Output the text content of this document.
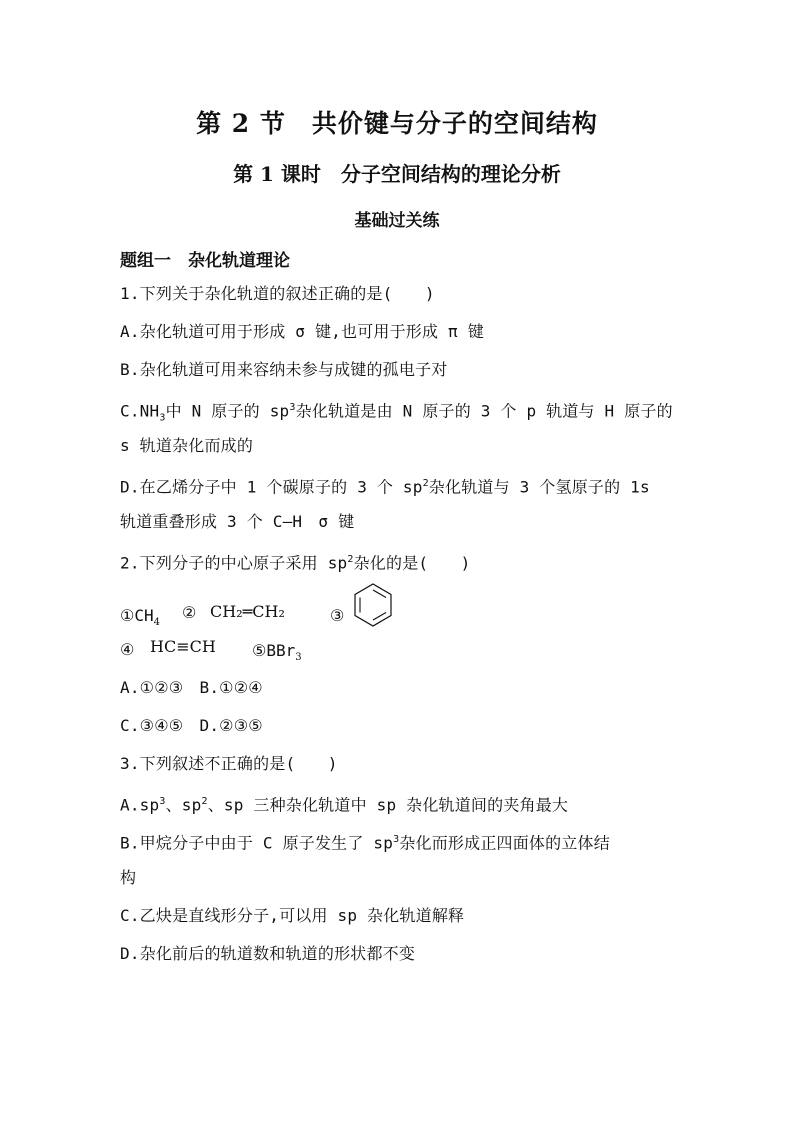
第 2 节　共价键与分子的空间结构
第 1 课时　分子空间结构的理论分析
基础过关练
题组一　杂化轨道理论
1.下列关于杂化轨道的叙述正确的是(　　)
A.杂化轨道可用于形成 σ 键,也可用于形成 π 键
B.杂化轨道可用来容纳未参与成键的孤电子对
$C.NH_3$中 N 原子的 $sp^3$杂化轨道是由 N 原子的 3 个 p 轨道与 H 原子的
s 轨道杂化而成的
D.在乙烯分子中 1 个碳原子的 3 个 $sp^2$杂化轨道与 3 个氢原子的 1s
轨道重叠形成 3 个 C—H　σ 键
2.下列分子的中心原子采用 $sp^2$杂化的是(　　)
$①CH_4$
② CH₂═CH₂	③
④ HC≡CH ⑤BBr$_3$
A.①②③　B.①②④
C.③④⑤　D.②③⑤
3.下列叙述不正确的是(　　)
$A.sp^3$、$sp^2$、sp 三种杂化轨道中 sp 杂化轨道间的夹角最大
B.甲烷分子中由于 C 原子发生了 $sp^3$杂化而形成正四面体的立体结
构
C.乙炔是直线形分子,可以用 sp 杂化轨道解释
D.杂化前后的轨道数和轨道的形状都不变
